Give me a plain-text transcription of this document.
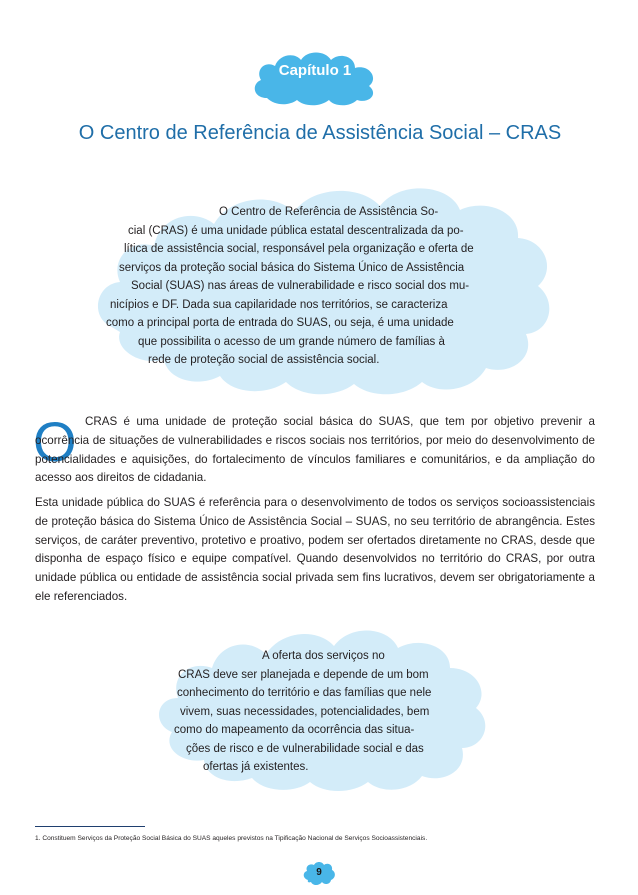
Capítulo 1
O Centro de Referência de Assistência Social – CRAS

O Centro de Referência de Assistência So-
cial (CRAS) é uma unidade pública estatal descentralizada da po-
lítica de assistência social, responsável pela organização e oferta de
serviços da proteção social básica do Sistema Único de Assistência
Social (SUAS) nas áreas de vulnerabilidade e risco social dos mu-
nicípios e DF. Dada sua capilaridade nos territórios, se caracteriza
como a principal porta de entrada do SUAS, ou seja, é uma unidade
que possibilita o acesso de um grande número de famílias à
rede de proteção social de assistência social.

O CRAS é uma unidade de proteção social básica do SUAS, que tem por objetivo prevenir a ocorrência de situações de vulnerabilidades e riscos sociais nos territórios, por meio do desenvolvimento de potencialidades e aquisições, do fortalecimento de vínculos familiares e comunitários, e da ampliação do acesso aos direitos de cidadania.

Esta unidade pública do SUAS é referência para o desenvolvimento de todos os serviços socioassistenciais de proteção básica do Sistema Único de Assistência Social – SUAS, no seu território de abrangência. Estes serviços, de caráter preventivo, protetivo e proativo, podem ser ofertados diretamente no CRAS, desde que disponha de espaço físico e equipe compatível. Quando desenvolvidos no território do CRAS, por outra unidade pública ou entidade de assistência social privada sem fins lucrativos, devem ser obrigatoriamente a ele referenciados.

A oferta dos serviços no
CRAS deve ser planejada e depende de um bom
conhecimento do território e das famílias que nele
vivem, suas necessidades, potencialidades, bem
como do mapeamento da ocorrência das situa-
ções de risco e de vulnerabilidade social e das
ofertas já existentes.

1. Constituem Serviços da Proteção Social Básica do SUAS aqueles previstos na Tipificação Nacional de Serviços Socioassistenciais.
9
